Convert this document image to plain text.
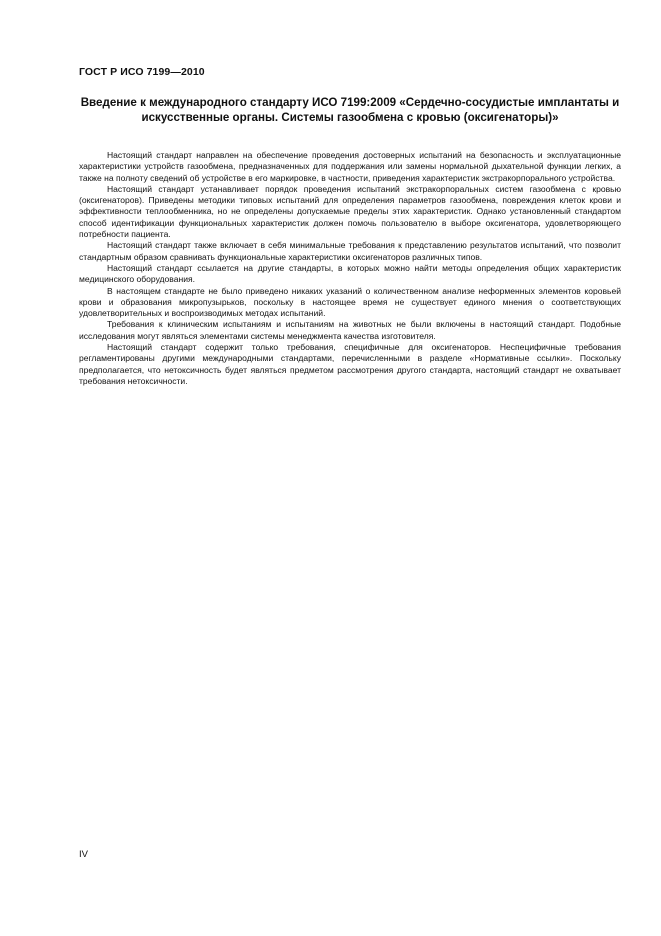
ГОСТ Р ИСО 7199—2010
Введение к международного стандарту ИСО 7199:2009 «Сердечно-сосудистые имплантаты и искусственные органы. Системы газообмена с кровью (оксигенаторы)»

Настоящий стандарт направлен на обеспечение проведения достоверных испытаний на безопасность и эксплуатационные характеристики устройств газообмена, предназначенных для поддержания или замены нормальной дыхательной функции легких, а также на полноту сведений об устройстве в его маркировке, в частности, приведения характеристик экстракорпорального устройства.

Настоящий стандарт устанавливает порядок проведения испытаний экстракорпоральных систем газообмена с кровью (оксигенаторов). Приведены методики типовых испытаний для определения параметров газообмена, повреждения клеток крови и эффективности теплообменника, но не определены допускаемые пределы этих характеристик. Однако установленный стандартом способ идентификации функциональных характеристик должен помочь пользователю в выборе оксигенатора, удовлетворяющего потребности пациента.

Настоящий стандарт также включает в себя минимальные требования к представлению результатов испытаний, что позволит стандартным образом сравнивать функциональные характеристики оксигенаторов различных типов.

Настоящий стандарт ссылается на другие стандарты, в которых можно найти методы определения общих характеристик медицинского оборудования.

В настоящем стандарте не было приведено никаких указаний о количественном анализе неформенных элементов коровьей крови и образования микропузырьков, поскольку в настоящее время не существует единого мнения о соответствующих удовлетворительных и воспроизводимых методах испытаний.

Требования к клиническим испытаниям и испытаниям на животных не были включены в настоящий стандарт. Подобные исследования могут являться элементами системы менеджмента качества изготовителя.

Настоящий стандарт содержит только требования, специфичные для оксигенаторов. Неспецифичные требования регламентированы другими международными стандартами, перечисленными в разделе «Нормативные ссылки». Поскольку предполагается, что нетоксичность будет являться предметом рассмотрения другого стандарта, настоящий стандарт не охватывает требования нетоксичности.

IV
